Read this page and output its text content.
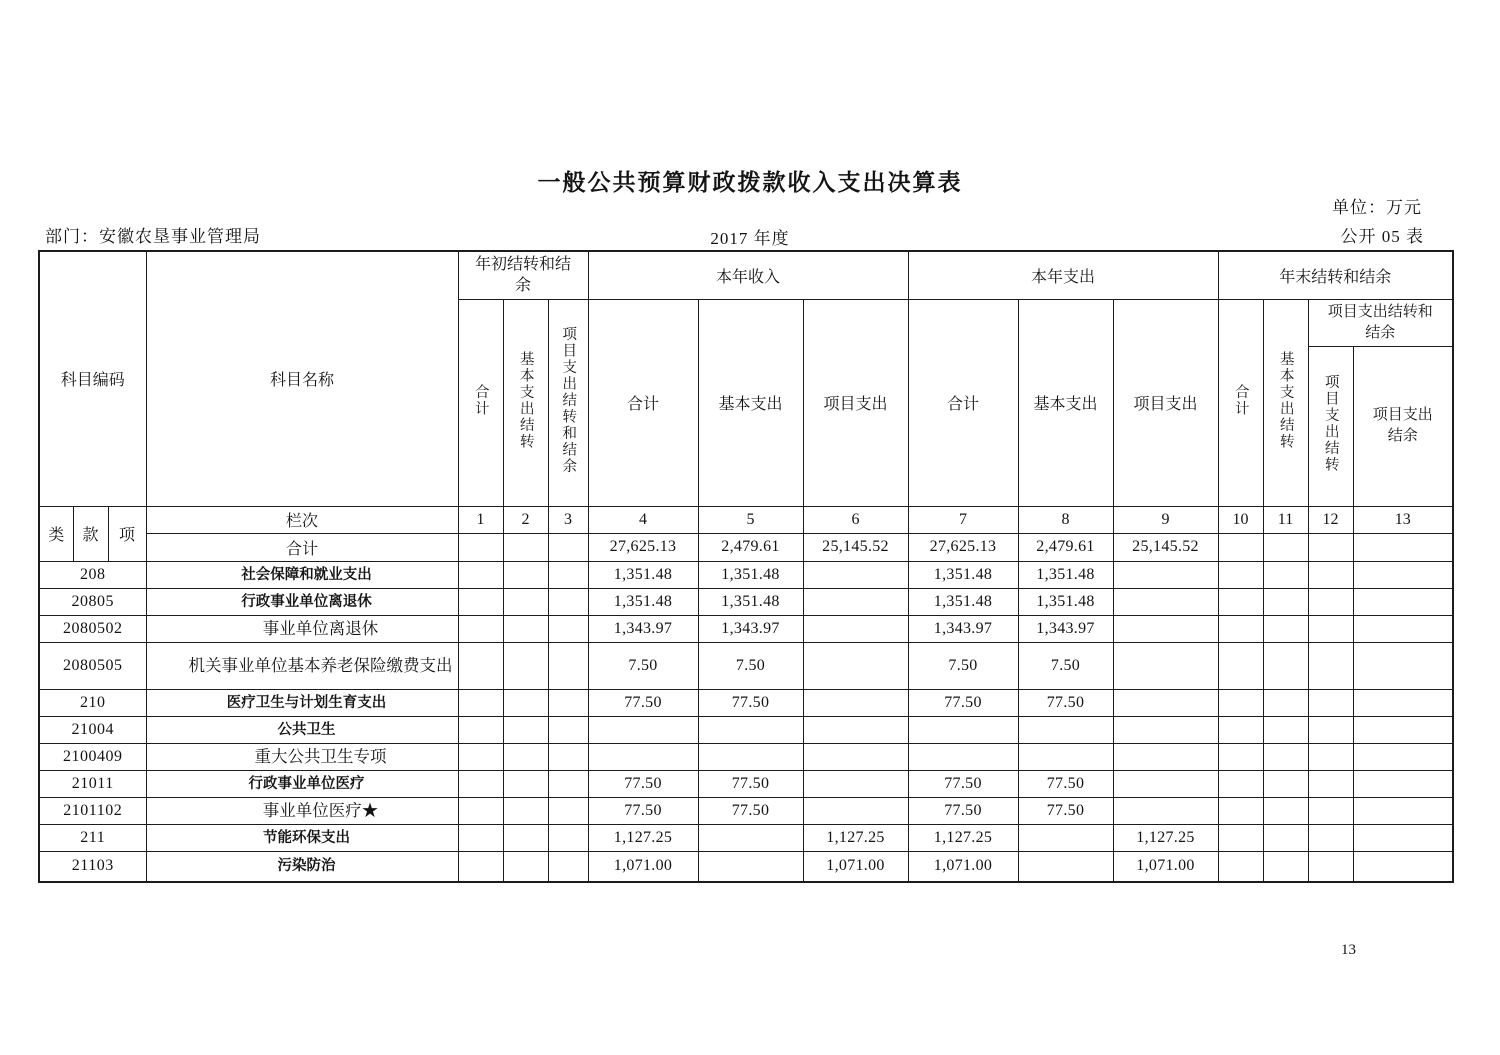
一般公共预算财政拨款收入支出决算表
单位：万元
公开 05 表
部门：安徽农垦事业管理局	2017 年度
13
科目编码			科目名称	年初结转和结余			本年收入			本年支出			年末结转和结余			
				合计	基本支出结转	项目支出结转和结余	合计	基本支出	项目支出	合计	基本支出	项目支出	合计	基本支出结转	项目支出结转和结余	
															项目支出结转	项目支出结余
类	款	项	栏次	1	2	3	4	5	6	7	8	9	10	11	12	13
			合计				27,625.13	2,479.61	25,145.52	27,625.13	2,479.61	25,145.52				
208			社会保障和就业支出				1,351.48	1,351.48		1,351.48	1,351.48					
20805			行政事业单位离退休				1,351.48	1,351.48		1,351.48	1,351.48					
2080502			事业单位离退休				1,343.97	1,343.97		1,343.97	1,343.97					
2080505			机关事业单位基本养老保险缴费支出				7.50	7.50		7.50	7.50					
210			医疗卫生与计划生育支出				77.50	77.50		77.50	77.50					
21004			公共卫生													
2100409			重大公共卫生专项													
21011			行政事业单位医疗				77.50	77.50		77.50	77.50					
2101102			事业单位医疗★				77.50	77.50		77.50	77.50					
211			节能环保支出				1,127.25		1,127.25	1,127.25		1,127.25				
21103			污染防治				1,071.00		1,071.00	1,071.00		1,071.00				
